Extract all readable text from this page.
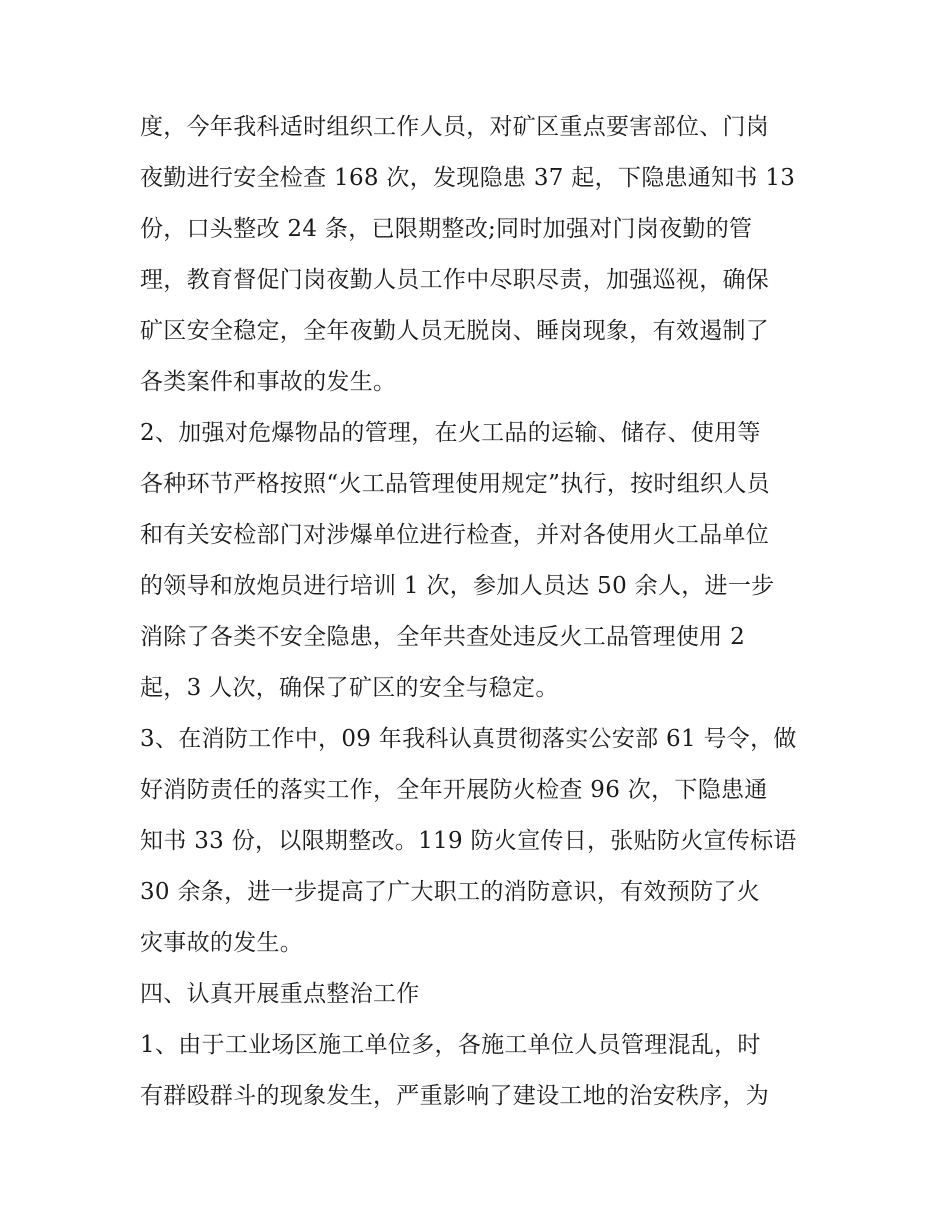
度，今年我科适时组织工作人员，对矿区重点要害部位、门岗
夜勤进行安全检查 168 次，发现隐患 37 起，下隐患通知书 13
份，口头整改 24 条，已限期整改;同时加强对门岗夜勤的管
理，教育督促门岗夜勤人员工作中尽职尽责，加强巡视，确保
矿区安全稳定，全年夜勤人员无脱岗、睡岗现象，有效遏制了
各类案件和事故的发生。
2、加强对危爆物品的管理，在火工品的运输、储存、使用等
各种环节严格按照“火工品管理使用规定”执行，按时组织人员
和有关安检部门对涉爆单位进行检查，并对各使用火工品单位
的领导和放炮员进行培训 1 次，参加人员达 50 余人，进一步
消除了各类不安全隐患，全年共查处违反火工品管理使用 2
起，3 人次，确保了矿区的安全与稳定。
3、在消防工作中，09 年我科认真贯彻落实公安部 61 号令，做
好消防责任的落实工作，全年开展防火检查 96 次，下隐患通
知书 33 份，以限期整改。119 防火宣传日，张贴防火宣传标语
30 余条，进一步提高了广大职工的消防意识，有效预防了火
灾事故的发生。
四、认真开展重点整治工作
1、由于工业场区施工单位多，各施工单位人员管理混乱，时
有群殴群斗的现象发生，严重影响了建设工地的治安秩序，为
